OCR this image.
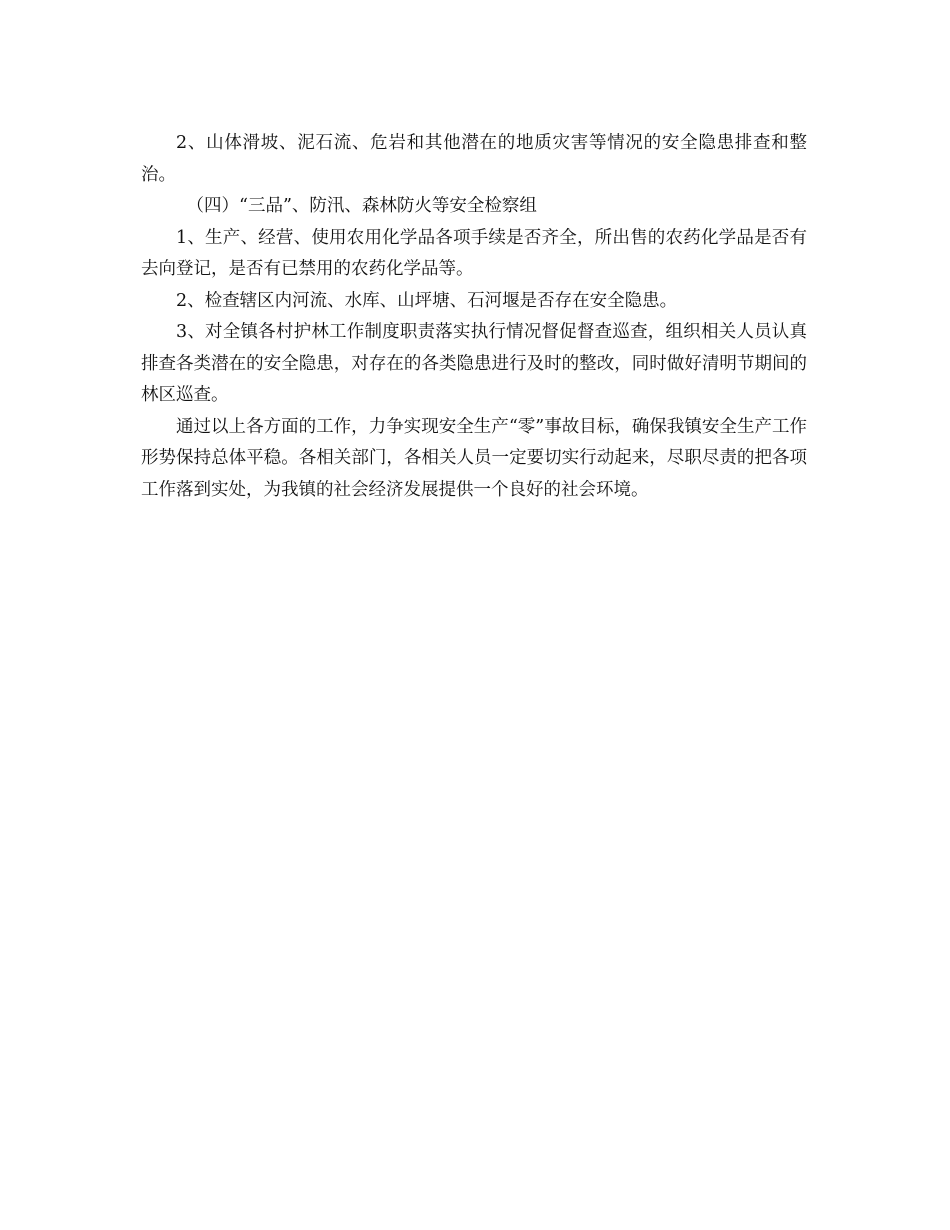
2、山体滑坡、泥石流、危岩和其他潜在的地质灾害等情况的安全隐患排查和整治。

（四）“三品”、防汛、森林防火等安全检察组

1、生产、经营、使用农用化学品各项手续是否齐全，所出售的农药化学品是否有去向登记，是否有已禁用的农药化学品等。

2、检查辖区内河流、水库、山坪塘、石河堰是否存在安全隐患。

3、对全镇各村护林工作制度职责落实执行情况督促督查巡查，组织相关人员认真排查各类潜在的安全隐患，对存在的各类隐患进行及时的整改，同时做好清明节期间的林区巡查。

通过以上各方面的工作，力争实现安全生产“零”事故目标，确保我镇安全生产工作形势保持总体平稳。各相关部门，各相关人员一定要切实行动起来，尽职尽责的把各项工作落到实处，为我镇的社会经济发展提供一个良好的社会环境。
